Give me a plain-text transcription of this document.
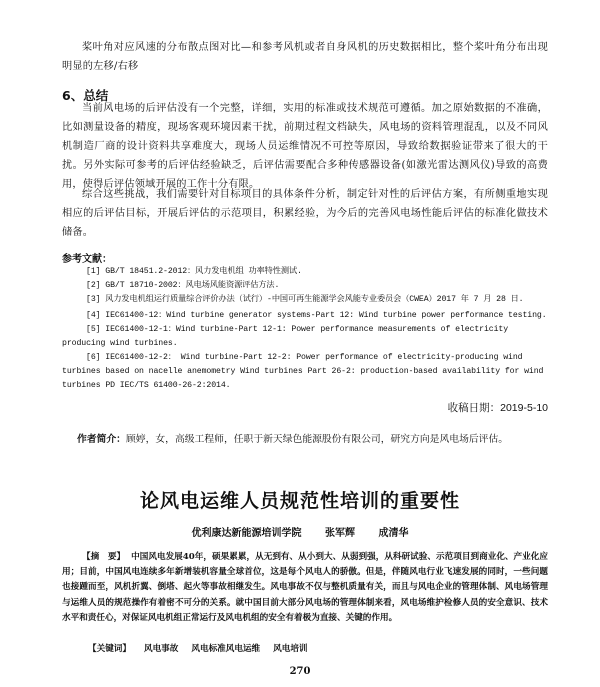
桨叶角对应风速的分布散点图对比—和参考风机或者自身风机的历史数据相比，整个桨叶角分布出现明显的左移/右移
6、总结
当前风电场的后评估没有一个完整，详细，实用的标准或技术规范可遵循。加之原始数据的不准确，比如测量设备的精度，现场客观环境因素干扰，前期过程文档缺失，风电场的资料管理混乱，以及不同风机制造厂商的设计资料共享难度大，现场人员运维情况不可控等原因，导致给数据验证带来了很大的干扰。另外实际可参考的后评估经验缺乏，后评估需要配合多种传感器设备(如激光雷达测风仪)导致的高费用，使得后评估领域开展的工作十分有限。
综合这些挑战，我们需要针对目标项目的具体条件分析，制定针对性的后评估方案，有所侧重地实现相应的后评估目标，开展后评估的示范项目，积累经验，为今后的完善风电场性能后评估的标准化做技术储备。
参考文献：
[1] GB/T 18451.2-2012：风力发电机组 功率特性测试.
[2] GB/T 18710-2002：风电场风能资源评估方法.
[3] 风力发电机组运行质量综合评价办法（试行）-中国可再生能源学会风能专业委员会（CWEA）2017 年 7 月 28 日.
[4] IEC61400-12：Wind turbine generator systems-Part 12: Wind turbine power performance testing.
[5] IEC61400-12-1：Wind turbine-Part 12-1: Power performance measurements of electricity producing wind turbines.
[6] IEC61400-12-2： Wind turbine-Part 12-2: Power performance of electricity-producing wind turbines based on nacelle anemometry Wind turbines Part 26-2: production-based availability for wind turbines PD IEC/TS 61400-26-2:2014.
收稿日期：2019-5-10
作者简介：顾婷，女，高级工程师，任职于新天绿色能源股份有限公司，研究方向是风电场后评估。
论风电运维人员规范性培训的重要性
优利康达新能源培训学院 张军辉 成清华
【摘　要】 中国风电发展40年，硕果累累，从无到有、从小到大、从弱到强，从科研试验、示范项目到商业化、产业化应用；目前，中国风电连续多年新增装机容量全球首位，这是每个风电人的骄傲。但是，伴随风电行业飞速发展的同时，一些问题也接踵而至，风机折翼、倒塔、起火等事故相继发生。风电事故不仅与整机质量有关，而且与风电企业的管理体制、风电场管理与运维人员的规范操作有着密不可分的关系。就中国目前大部分风电场的管理体制来看，风电场维护检修人员的安全意识、技术水平和责任心，对保证风电机组正常运行及风电机组的安全有着极为直接、关键的作用。
【关键词】 风电事故 风电标准风电运维 风电培训
270
